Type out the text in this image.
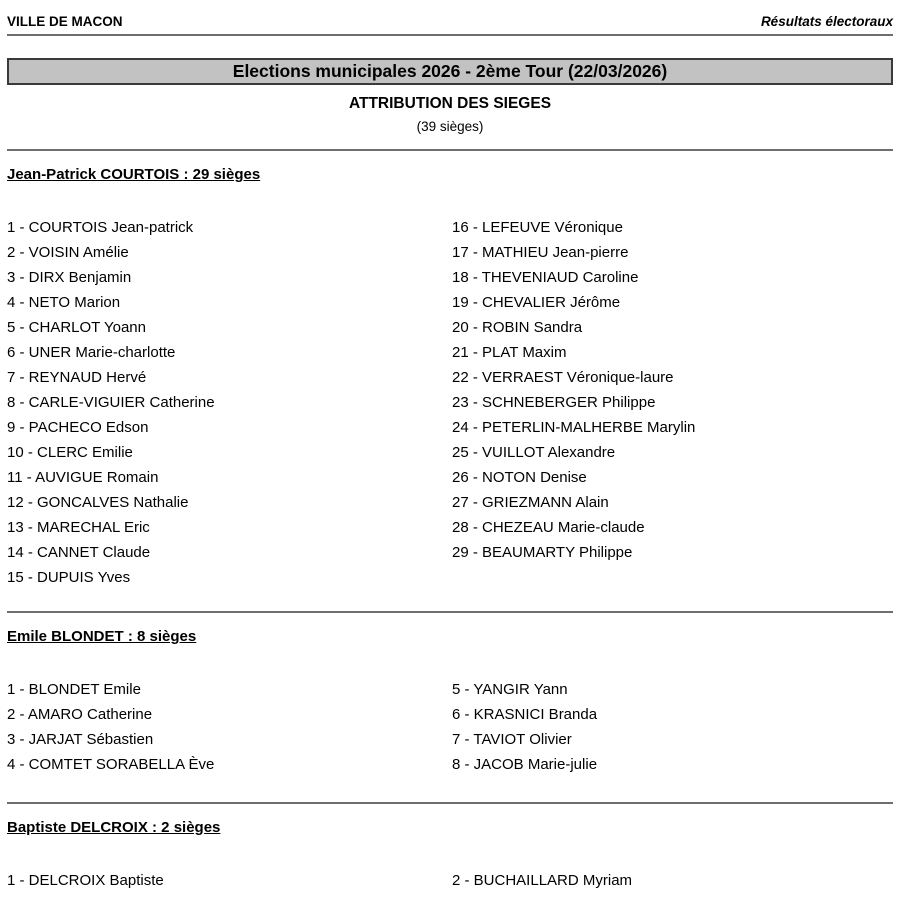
VILLE DE MACON	Résultats électoraux
Elections municipales 2026 - 2ème Tour (22/03/2026)
ATTRIBUTION DES SIEGES
(39 sièges)
Jean-Patrick COURTOIS : 29 sièges
1 - COURTOIS Jean-patrick
2 - VOISIN Amélie
3 - DIRX Benjamin
4 - NETO Marion
5 - CHARLOT Yoann
6 - UNER Marie-charlotte
7 - REYNAUD Hervé
8 - CARLE-VIGUIER Catherine
9 - PACHECO Edson
10 - CLERC Emilie
11 - AUVIGUE Romain
12 - GONCALVES Nathalie
13 - MARECHAL Eric
14 - CANNET Claude
15 - DUPUIS Yves
16 - LEFEUVE Véronique
17 - MATHIEU Jean-pierre
18 - THEVENIAUD Caroline
19 - CHEVALIER Jérôme
20 - ROBIN Sandra
21 - PLAT Maxim
22 - VERRAEST Véronique-laure
23 - SCHNEBERGER Philippe
24 - PETERLIN-MALHERBE Marylin
25 - VUILLOT Alexandre
26 - NOTON Denise
27 - GRIEZMANN Alain
28 - CHEZEAU Marie-claude
29 - BEAUMARTY Philippe
Emile BLONDET : 8 sièges
1 - BLONDET Emile
2 - AMARO Catherine
3 - JARJAT Sébastien
4 - COMTET SORABELLA Ève
5 - YANGIR Yann
6 - KRASNICI Branda
7 - TAVIOT Olivier
8 - JACOB Marie-julie
Baptiste DELCROIX : 2 sièges
1 - DELCROIX Baptiste	2 - BUCHAILLARD Myriam
